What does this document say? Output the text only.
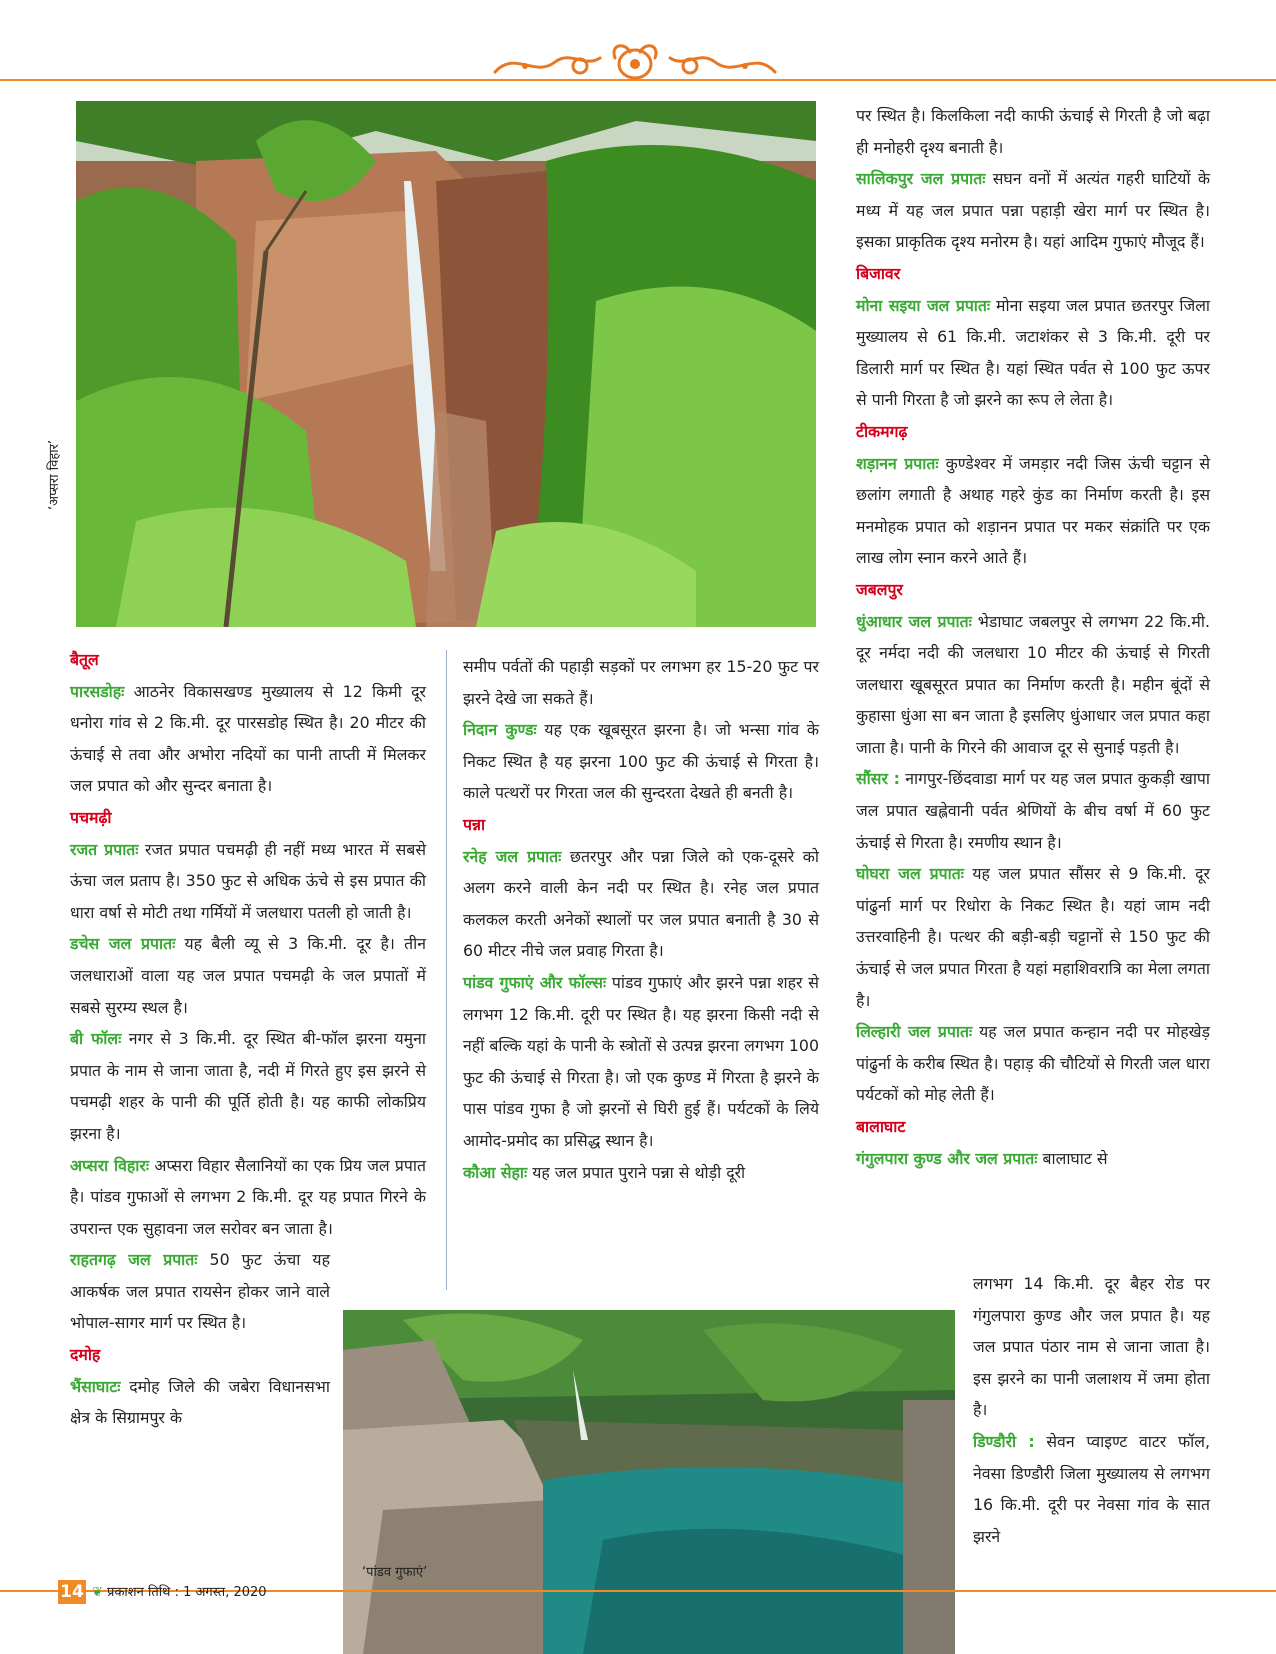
‘अप्सरा विहार’

बैतूल

पारसडोहः आठनेर विकासखण्ड मुख्यालय से 12 किमी दूर धनोरा गांव से 2 कि.मी. दूर पारसडोह स्थित है। 20 मीटर की ऊंचाई से तवा और अभोरा नदियों का पानी ताप्ती में मिलकर जल प्रपात को और सुन्दर बनाता है।

पचमढ़ी

रजत प्रपातः रजत प्रपात पचमढ़ी ही नहीं मध्य भारत में सबसे ऊंचा जल प्रताप है। 350 फुट से अधिक ऊंचे से इस प्रपात की धारा वर्षा से मोटी तथा गर्मियों में जलधारा पतली हो जाती है।

डचेस जल प्रपातः यह बैली व्यू से 3 कि.मी. दूर है। तीन जलधाराओं वाला यह जल प्रपात पचमढ़ी के जल प्रपातों में सबसे सुरम्य स्थल है।

बी फॉलः नगर से 3 कि.मी. दूर स्थित बी-फॉल झरना यमुना प्रपात के नाम से जाना जाता है, नदी में गिरते हुए इस झरने से पचमढ़ी शहर के पानी की पूर्ति होती है। यह काफी लोकप्रिय झरना है।

अप्सरा विहारः अप्सरा विहार सैलानियों का एक प्रिय जल प्रपात है। पांडव गुफाओं से लगभग 2 कि.मी. दूर यह प्रपात गिरने के उपरान्त एक सुहावना जल सरोवर बन जाता है।

राहतगढ़ जल प्रपातः 50 फुट ऊंचा यह आकर्षक जल प्रपात रायसेन होकर जाने वाले भोपाल-सागर मार्ग पर स्थित है।

दमोह

भैंसाघाटः दमोह जिले की जबेरा विधानसभा क्षेत्र के सिग्रामपुर के

समीप पर्वतों की पहाड़ी सड़कों पर लगभग हर 15-20 फुट पर झरने देखे जा सकते हैं।

निदान कुण्डः यह एक खूबसूरत झरना है। जो भन्सा गांव के निकट स्थित है यह झरना 100 फुट की ऊंचाई से गिरता है। काले पत्थरों पर गिरता जल की सुन्दरता देखते ही बनती है।

पन्ना

रनेह जल प्रपातः छतरपुर और पन्ना जिले को एक-दूसरे को अलग करने वाली केन नदी पर स्थित है। रनेह जल प्रपात कलकल करती अनेकों स्थालों पर जल प्रपात बनाती है 30 से 60 मीटर नीचे जल प्रवाह गिरता है।

पांडव गुफाएं और फॉल्सः पांडव गुफाएं और झरने पन्ना शहर से लगभग 12 कि.मी. दूरी पर स्थित है। यह झरना किसी नदी से नहीं बल्कि यहां के पानी के स्त्रोतों से उत्पन्न झरना लगभग 100 फुट की ऊंचाई से गिरता है। जो एक कुण्ड में गिरता है झरने के पास पांडव गुफा है जो झरनों से घिरी हुई हैं। पर्यटकों के लिये आमोद-प्रमोद का प्रसिद्ध स्थान है।

कौआ सेहाः यह जल प्रपात पुराने पन्ना से थोड़ी दूरी

पर स्थित है। किलकिला नदी काफी ऊंचाई से गिरती है जो बढ़ा ही मनोहरी दृश्य बनाती है।

सालिकपुर जल प्रपातः सघन वनों में अत्यंत गहरी घाटियों के मध्य में यह जल प्रपात पन्ना पहाड़ी खेरा मार्ग पर स्थित है। इसका प्राकृतिक दृश्य मनोरम है। यहां आदिम गुफाएं मौजूद हैं।

बिजावर

मोना सइया जल प्रपातः मोना सइया जल प्रपात छतरपुर जिला मुख्यालय से 61 कि.मी. जटाशंकर से 3 कि.मी. दूरी पर डिलारी मार्ग पर स्थित है। यहां स्थित पर्वत से 100 फुट ऊपर से पानी गिरता है जो झरने का रूप ले लेता है।

टीकमगढ़

शड़ानन प्रपातः कुण्डेश्वर में जमड़ार नदी जिस ऊंची चट्टान से छलांग लगाती है अथाह गहरे कुंड का निर्माण करती है। इस मनमोहक प्रपात को शड़ानन प्रपात पर मकर संक्रांति पर एक लाख लोग स्नान करने आते हैं।

जबलपुर

धुंआधार जल प्रपातः भेडाघाट जबलपुर से लगभग 22 कि.मी. दूर नर्मदा नदी की जलधारा 10 मीटर की ऊंचाई से गिरती जलधारा खूबसूरत प्रपात का निर्माण करती है। महीन बूंदों से कुहासा धुंआ सा बन जाता है इसलिए धुंआधार जल प्रपात कहा जाता है। पानी के गिरने की आवाज दूर से सुनाई पड़ती है।

सौंसर : नागपुर-छिंदवाडा मार्ग पर यह जल प्रपात कुकड़ी खापा जल प्रपात खह्लेवानी पर्वत श्रेणियों के बीच वर्षा में 60 फुट ऊंचाई से गिरता है। रमणीय स्थान है।

घोघरा जल प्रपातः यह जल प्रपात सौंसर से 9 कि.मी. दूर पांढुर्ना मार्ग पर रिधोरा के निकट स्थित है। यहां जाम नदी उत्तरवाहिनी है। पत्थर की बड़ी-बड़ी चट्टानों से 150 फुट की ऊंचाई से जल प्रपात गिरता है यहां महाशिवरात्रि का मेला लगता है।

लिल्हारी जल प्रपातः यह जल प्रपात कन्हान नदी पर मोहखेड़ पांढुर्ना के करीब स्थित है। पहाड़ की चौटियों से गिरती जल धारा पर्यटकों को मोह लेती हैं।

बालाघाट

गंगुलपारा कुण्ड और जल प्रपातः बालाघाट से

लगभग 14 कि.मी. दूर बैहर रोड पर गंगुलपारा कुण्ड और जल प्रपात है। यह जल प्रपात पंठार नाम से जाना जाता है। इस झरने का पानी जलाशय में जमा होता है।

डिण्डौरी : सेवन प्वाइण्ट वाटर फॉल, नेवसा डिण्डौरी जिला मुख्यालय से लगभग 16 कि.मी. दूरी पर नेवसा गांव के सात झरने

‘पांडव गुफाएं’
14 ❦ प्रकाशन तिथि : 1 अगस्त, 2020
